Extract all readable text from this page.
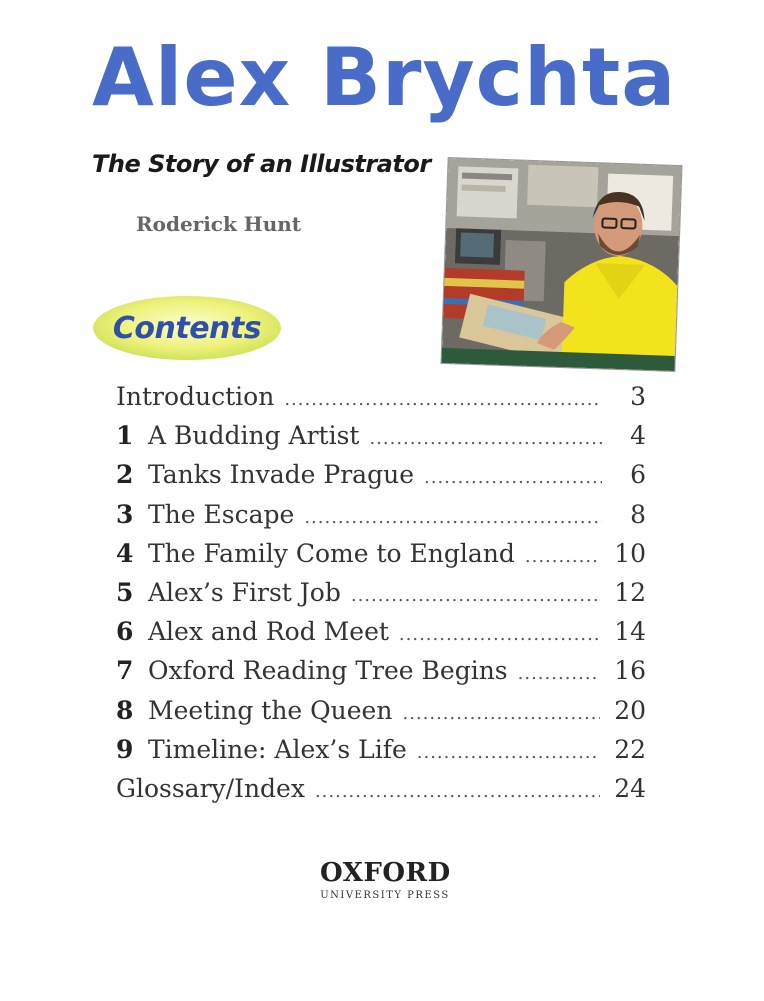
Alex Brychta
The Story of an Illustrator
Roderick Hunt
Contents
Introduction .....	3
1 A Budding Artist .....	4
2 Tanks Invade Prague .....	6
3 The Escape .....	8
4 The Family Come to England .....	10
5 Alex’s First Job .....	12
6 Alex and Rod Meet .....	14
7 Oxford Reading Tree Begins .....	16
8 Meeting the Queen .....	20
9 Timeline: Alex’s Life .....	22
Glossary/Index .....	24
OXFORD
UNIVERSITY PRESS
